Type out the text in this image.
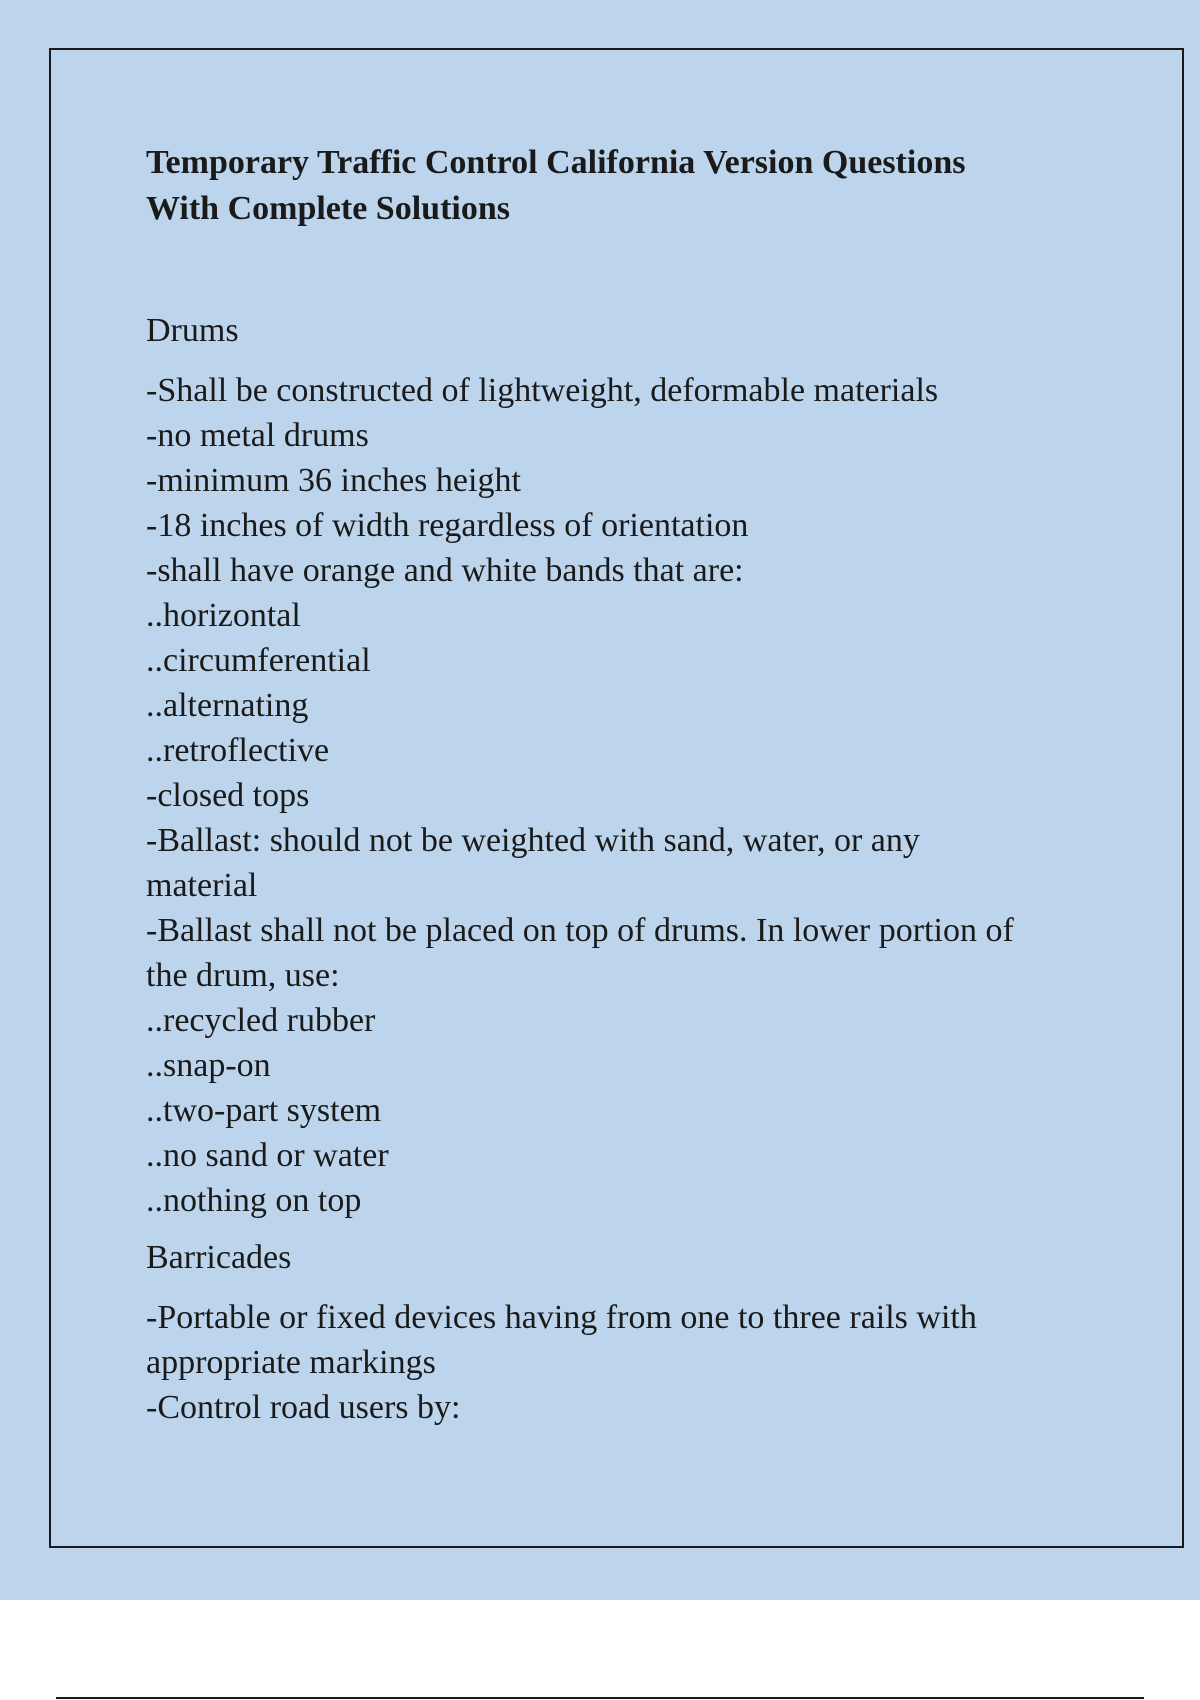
Temporary Traffic Control California Version Questions
With Complete Solutions
Drums

-Shall be constructed of lightweight, deformable materials

-no metal drums

-minimum 36 inches height

-18 inches of width regardless of orientation

-shall have orange and white bands that are:

..horizontal

..circumferential

..alternating

..retroflective

-closed tops

-Ballast: should not be weighted with sand, water, or any

material

-Ballast shall not be placed on top of drums. In lower portion of

the drum, use:

..recycled rubber

..snap-on

..two-part system

..no sand or water

..nothing on top

Barricades

-Portable or fixed devices having from one to three rails with

appropriate markings

-Control road users by:
